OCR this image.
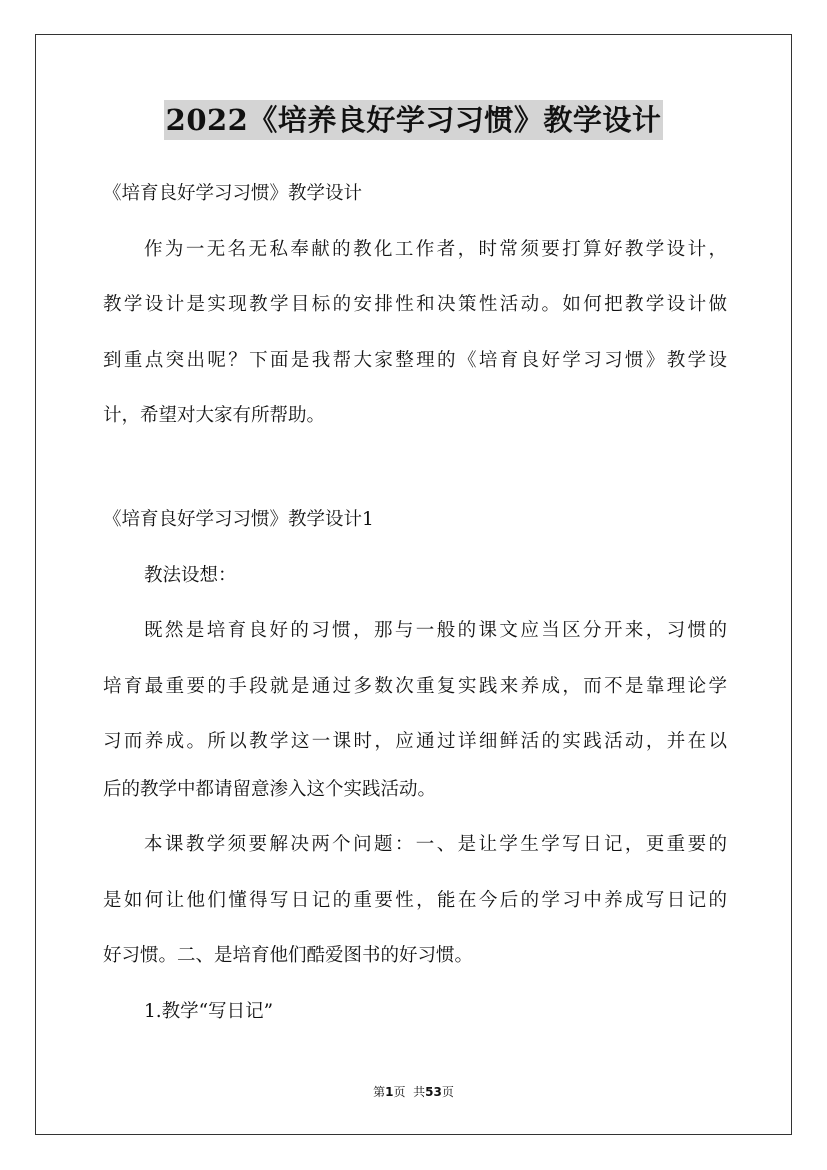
2022《培养良好学习习惯》教学设计
《培育良好学习习惯》教学设计
作为一无名无私奉献的教化工作者，时常须要打算好教学设计，
教学设计是实现教学目标的安排性和决策性活动。如何把教学设计做
到重点突出呢？下面是我帮大家整理的《培育良好学习习惯》教学设
计，希望对大家有所帮助。
《培育良好学习习惯》教学设计1
教法设想：
既然是培育良好的习惯，那与一般的课文应当区分开来，习惯的
培育最重要的手段就是通过多数次重复实践来养成，而不是靠理论学
习而养成。所以教学这一课时，应通过详细鲜活的实践活动，并在以
后的教学中都请留意渗入这个实践活动。
本课教学须要解决两个问题：一、是让学生学写日记，更重要的
是如何让他们懂得写日记的重要性，能在今后的学习中养成写日记的
好习惯。二、是培育他们酷爱图书的好习惯。
1.教学“写日记”
第1页  共53页
